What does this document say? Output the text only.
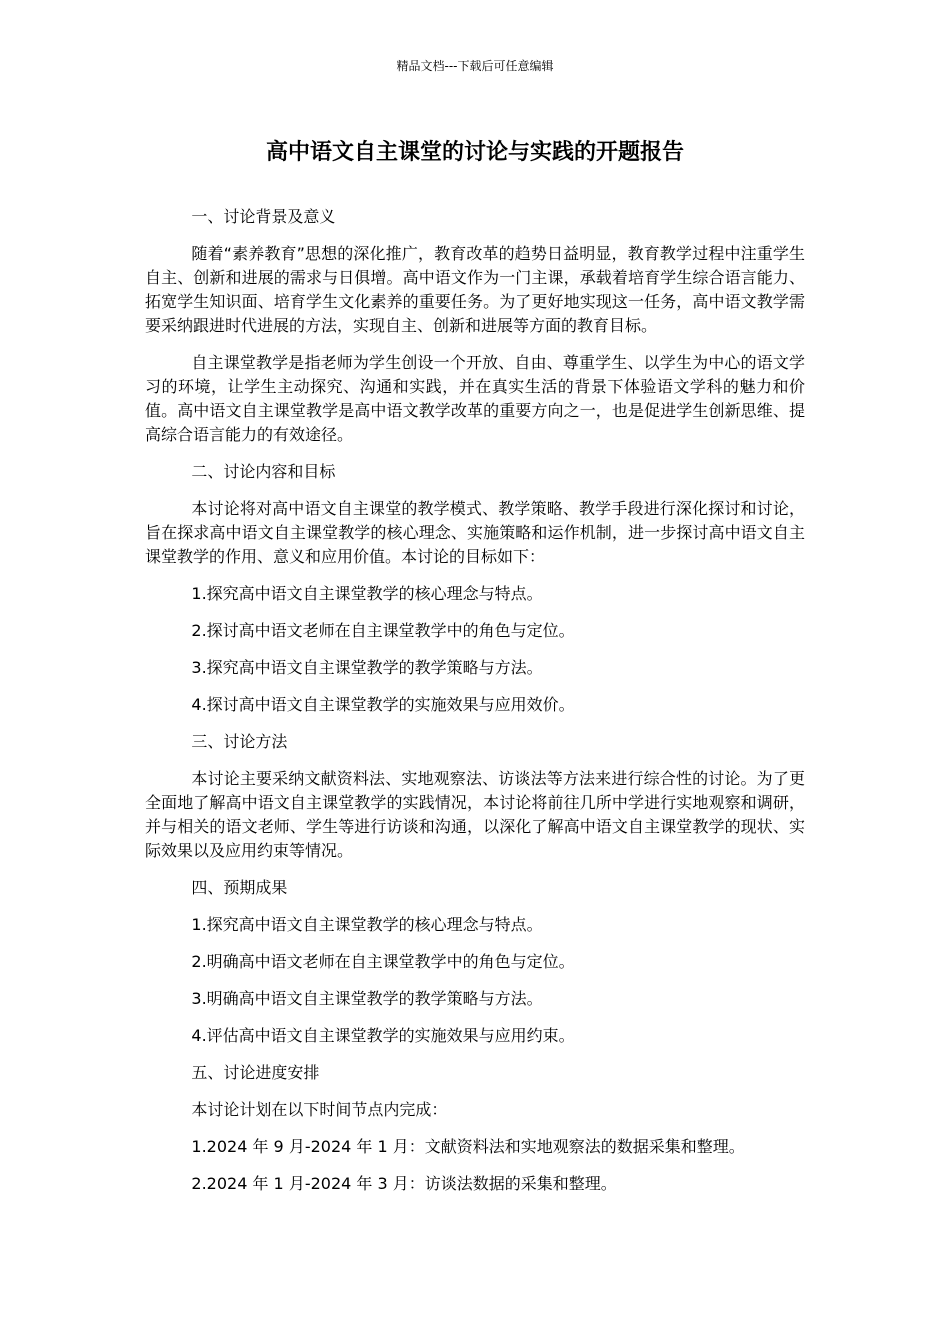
精品文档---下载后可任意编辑
高中语文自主课堂的讨论与实践的开题报告
一、讨论背景及意义
随着“素养教育”思想的深化推广，教育改革的趋势日益明显，教育教学过程中注重学生自主、创新和进展的需求与日俱增。高中语文作为一门主课，承载着培育学生综合语言能力、拓宽学生知识面、培育学生文化素养的重要任务。为了更好地实现这一任务，高中语文教学需要采纳跟进时代进展的方法，实现自主、创新和进展等方面的教育目标。
自主课堂教学是指老师为学生创设一个开放、自由、尊重学生、以学生为中心的语文学习的环境，让学生主动探究、沟通和实践，并在真实生活的背景下体验语文学科的魅力和价值。高中语文自主课堂教学是高中语文教学改革的重要方向之一，也是促进学生创新思维、提高综合语言能力的有效途径。
二、讨论内容和目标
本讨论将对高中语文自主课堂的教学模式、教学策略、教学手段进行深化探讨和讨论，旨在探求高中语文自主课堂教学的核心理念、实施策略和运作机制，进一步探讨高中语文自主课堂教学的作用、意义和应用价值。本讨论的目标如下：
1.探究高中语文自主课堂教学的核心理念与特点。
2.探讨高中语文老师在自主课堂教学中的角色与定位。
3.探究高中语文自主课堂教学的教学策略与方法。
4.探讨高中语文自主课堂教学的实施效果与应用效价。
三、讨论方法
本讨论主要采纳文献资料法、实地观察法、访谈法等方法来进行综合性的讨论。为了更全面地了解高中语文自主课堂教学的实践情况，本讨论将前往几所中学进行实地观察和调研，并与相关的语文老师、学生等进行访谈和沟通，以深化了解高中语文自主课堂教学的现状、实际效果以及应用约束等情况。
四、预期成果
1.探究高中语文自主课堂教学的核心理念与特点。
2.明确高中语文老师在自主课堂教学中的角色与定位。
3.明确高中语文自主课堂教学的教学策略与方法。
4.评估高中语文自主课堂教学的实施效果与应用约束。
五、讨论进度安排
本讨论计划在以下时间节点内完成：
1.2024 年 9 月-2024 年 1 月：文献资料法和实地观察法的数据采集和整理。
2.2024 年 1 月-2024 年 3 月：访谈法数据的采集和整理。
